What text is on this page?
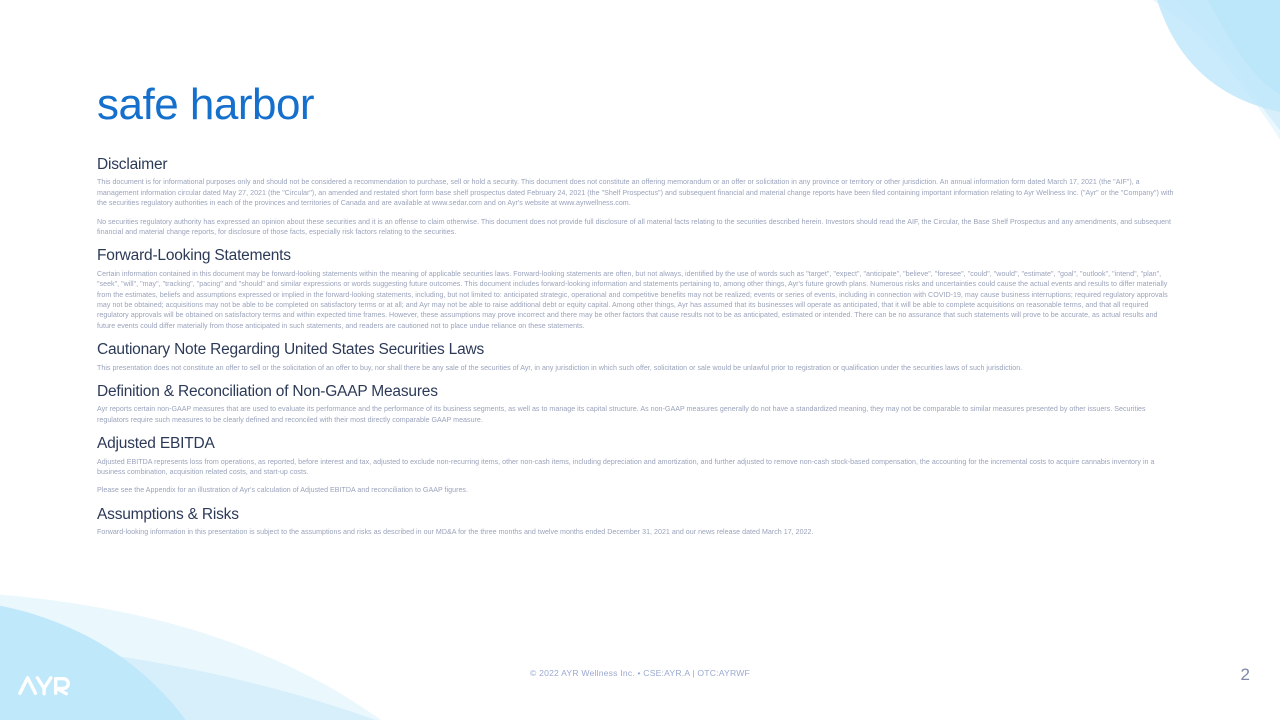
safe harbor
Disclaimer

This document is for informational purposes only and should not be considered a recommendation to purchase, sell or hold a security. This document does not constitute an offering memorandum or an offer or solicitation in any province or territory or other jurisdiction. An annual information form dated March 17, 2021 (the "AIF"), a management information circular dated May 27, 2021 (the "Circular"), an amended and restated short form base shelf prospectus dated February 24, 2021 (the "Shelf Prospectus") and subsequent financial and material change reports have been filed containing important information relating to Ayr Wellness Inc. ("Ayr" or the "Company") with the securities regulatory authorities in each of the provinces and territories of Canada and are available at www.sedar.com and on Ayr's website at www.ayrwellness.com.

No securities regulatory authority has expressed an opinion about these securities and it is an offense to claim otherwise. This document does not provide full disclosure of all material facts relating to the securities described herein. Investors should read the AIF, the Circular, the Base Shelf Prospectus and any amendments, and subsequent financial and material change reports, for disclosure of those facts, especially risk factors relating to the securities.

Forward-Looking Statements

Certain information contained in this document may be forward-looking statements within the meaning of applicable securities laws. Forward-looking statements are often, but not always, identified by the use of words such as "target", "expect", "anticipate", "believe", "foresee", "could", "would", "estimate", "goal", "outlook", "intend", "plan", "seek", "will", "may", "tracking", "pacing" and "should" and similar expressions or words suggesting future outcomes. This document includes forward-looking information and statements pertaining to, among other things, Ayr's future growth plans. Numerous risks and uncertainties could cause the actual events and results to differ materially from the estimates, beliefs and assumptions expressed or implied in the forward-looking statements, including, but not limited to: anticipated strategic, operational and competitive benefits may not be realized; events or series of events, including in connection with COVID-19, may cause business interruptions; required regulatory approvals may not be obtained; acquisitions may not be able to be completed on satisfactory terms or at all; and Ayr may not be able to raise additional debt or equity capital. Among other things, Ayr has assumed that its businesses will operate as anticipated, that it will be able to complete acquisitions on reasonable terms, and that all required regulatory approvals will be obtained on satisfactory terms and within expected time frames. However, these assumptions may prove incorrect and there may be other factors that cause results not to be as anticipated, estimated or intended. There can be no assurance that such statements will prove to be accurate, as actual results and future events could differ materially from those anticipated in such statements, and readers are cautioned not to place undue reliance on these statements.

Cautionary Note Regarding United States Securities Laws

This presentation does not constitute an offer to sell or the solicitation of an offer to buy, nor shall there be any sale of the securities of Ayr, in any jurisdiction in which such offer, solicitation or sale would be unlawful prior to registration or qualification under the securities laws of such jurisdiction.

Definition & Reconciliation of Non-GAAP Measures

Ayr reports certain non-GAAP measures that are used to evaluate its performance and the performance of its business segments, as well as to manage its capital structure. As non-GAAP measures generally do not have a standardized meaning, they may not be comparable to similar measures presented by other issuers. Securities regulators require such measures to be clearly defined and reconciled with their most directly comparable GAAP measure.

Adjusted EBITDA

Adjusted EBITDA represents loss from operations, as reported, before interest and tax, adjusted to exclude non-recurring items, other non-cash items, including depreciation and amortization, and further adjusted to remove non-cash stock-based compensation, the accounting for the incremental costs to acquire cannabis inventory in a business combination, acquisition related costs, and start-up costs.

Please see the Appendix for an illustration of Ayr's calculation of Adjusted EBITDA and reconciliation to GAAP figures.

Assumptions & Risks

Forward-looking information in this presentation is subject to the assumptions and risks as described in our MD&A for the three months and twelve months ended December 31, 2021 and our news release dated March 17, 2022.

© 2022 AYR Wellness Inc. • CSE:AYR.A | OTC:AYRWF	2
